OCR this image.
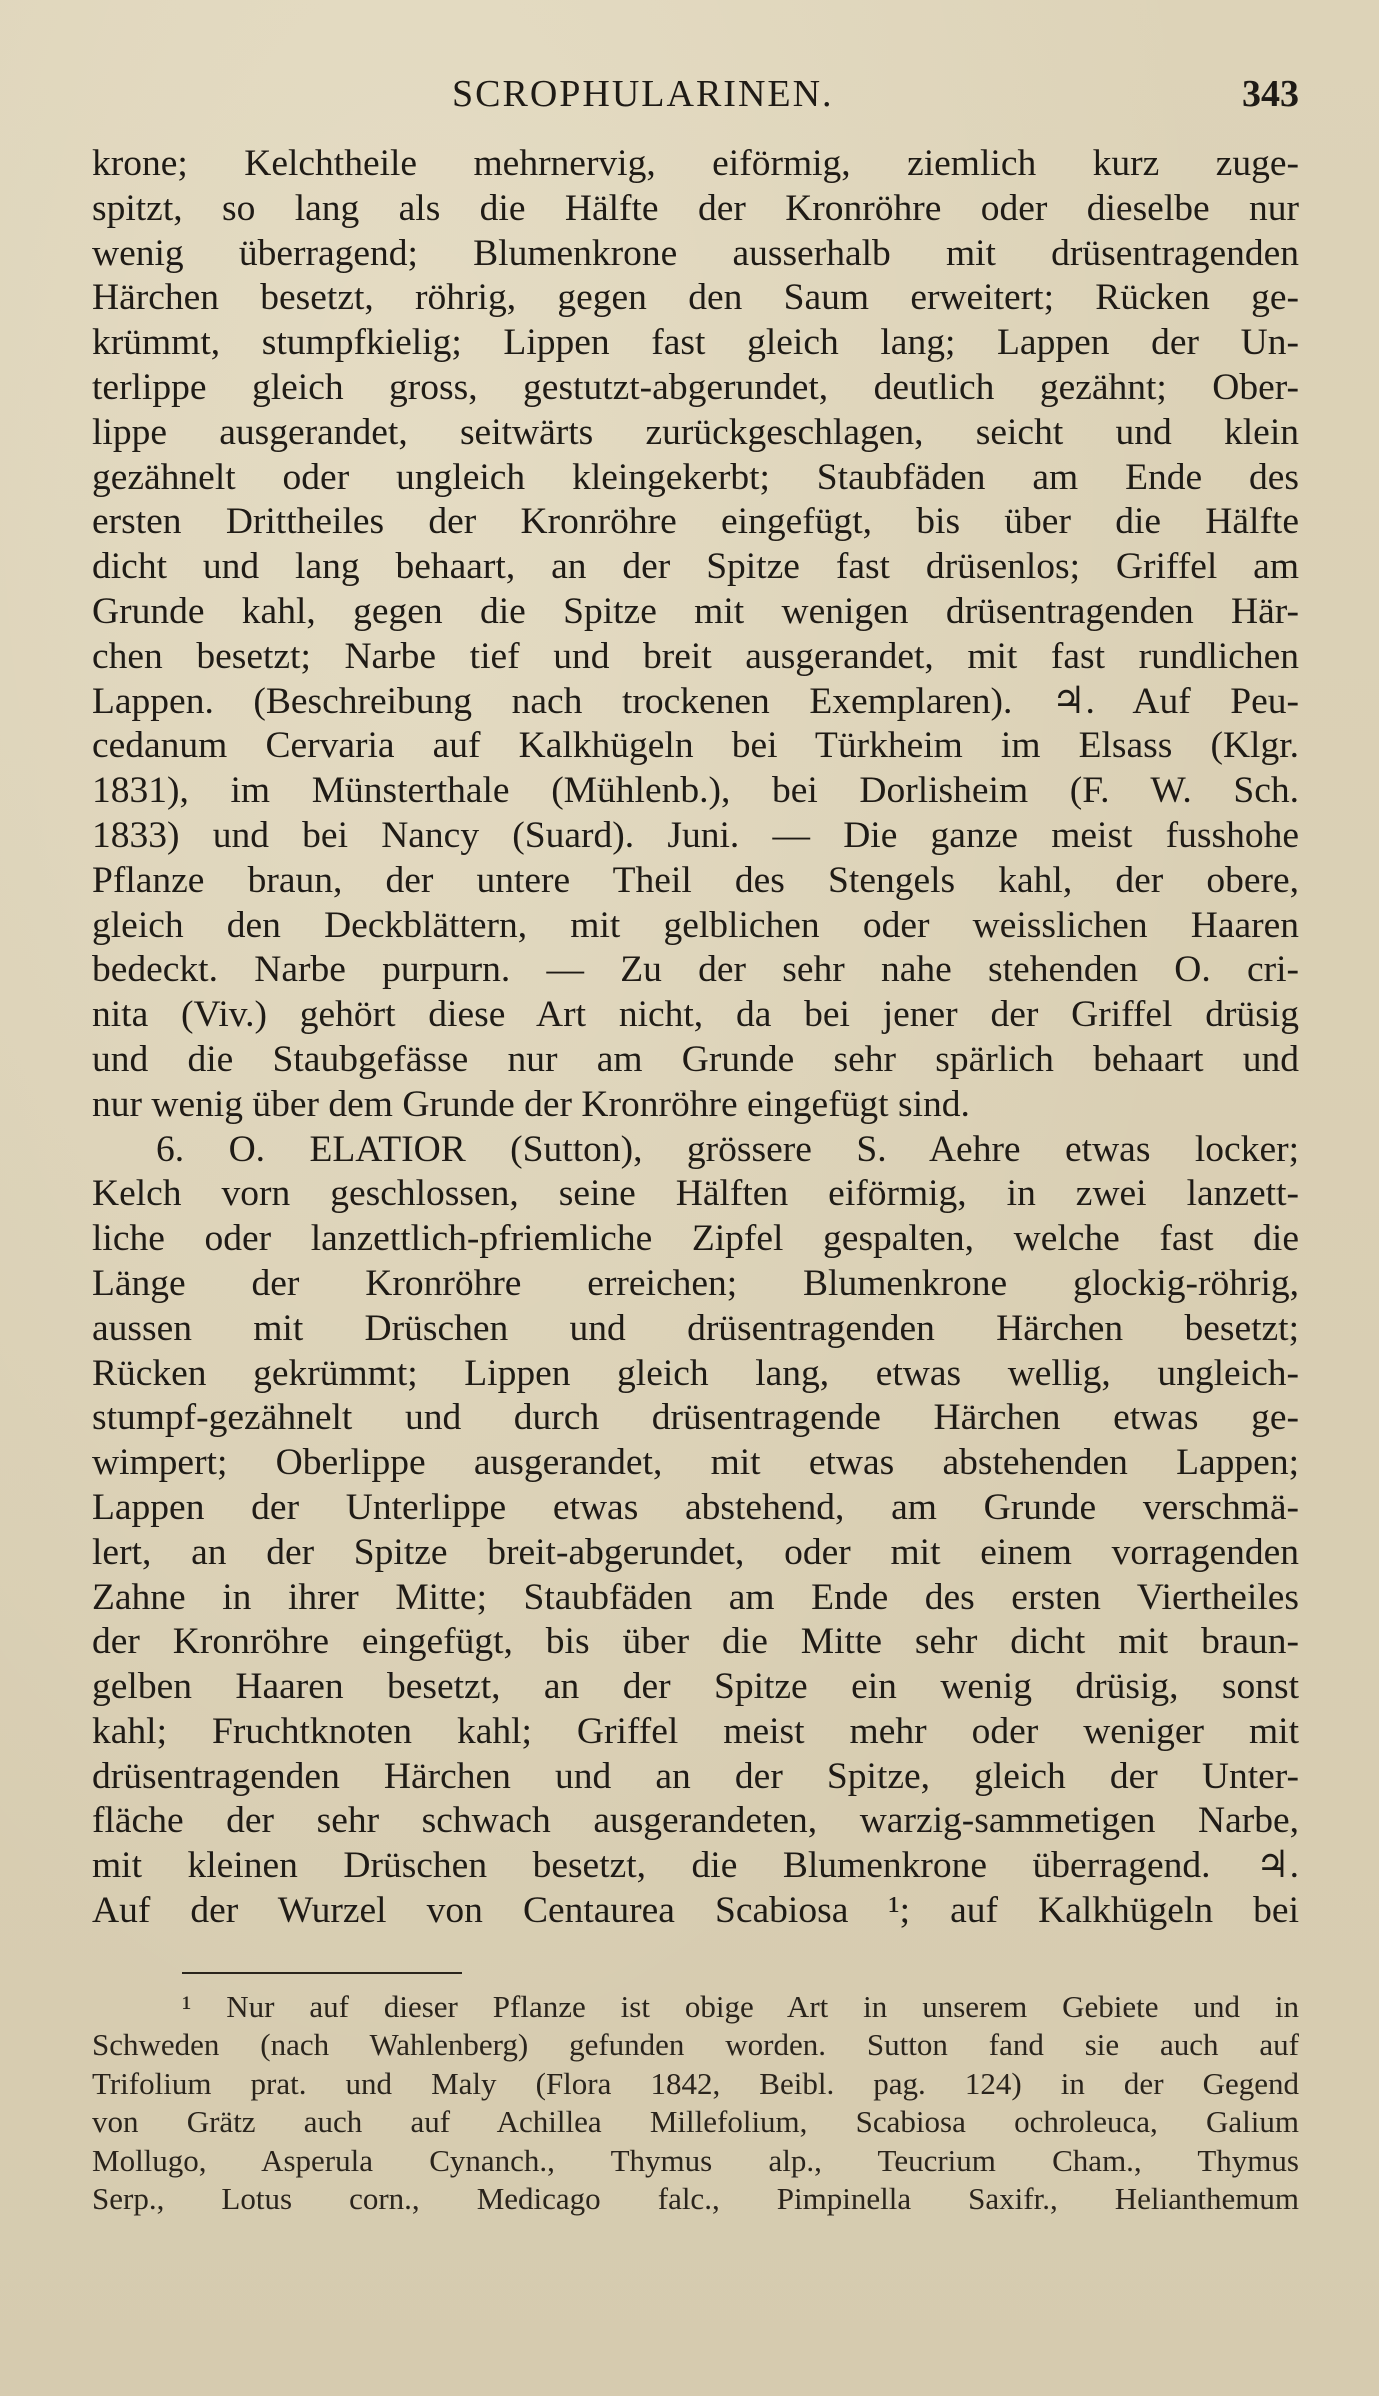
SCROPHULARINEN.	343
krone; Kelchtheile mehrnervig, eiförmig, ziemlich kurz zuge-
spitzt, so lang als die Hälfte der Kronröhre oder dieselbe nur
wenig überragend; Blumenkrone ausserhalb mit drüsentragenden
Härchen besetzt, röhrig, gegen den Saum erweitert; Rücken ge-
krümmt, stumpfkielig; Lippen fast gleich lang; Lappen der Un-
terlippe gleich gross, gestutzt-abgerundet, deutlich gezähnt; Ober-
lippe ausgerandet, seitwärts zurückgeschlagen, seicht und klein
gezähnelt oder ungleich kleingekerbt; Staubfäden am Ende des
ersten Drittheiles der Kronröhre eingefügt, bis über die Hälfte
dicht und lang behaart, an der Spitze fast drüsenlos; Griffel am
Grunde kahl, gegen die Spitze mit wenigen drüsentragenden Här-
chen besetzt; Narbe tief und breit ausgerandet, mit fast rundlichen
Lappen. (Beschreibung nach trockenen Exemplaren). ♃. Auf Peu-
cedanum Cervaria auf Kalkhügeln bei Türkheim im Elsass (Klgr.
1831), im Münsterthale (Mühlenb.), bei Dorlisheim (F. W. Sch.
1833) und bei Nancy (Suard). Juni. — Die ganze meist fusshohe
Pflanze braun, der untere Theil des Stengels kahl, der obere,
gleich den Deckblättern, mit gelblichen oder weisslichen Haaren
bedeckt. Narbe purpurn. — Zu der sehr nahe stehenden O. cri-
nita (Viv.) gehört diese Art nicht, da bei jener der Griffel drüsig
und die Staubgefässe nur am Grunde sehr spärlich behaart und
nur wenig über dem Grunde der Kronröhre eingefügt sind.
6. O. ELATIOR (Sutton), grössere S. Aehre etwas locker;
Kelch vorn geschlossen, seine Hälften eiförmig, in zwei lanzett-
liche oder lanzettlich-pfriemliche Zipfel gespalten, welche fast die
Länge der Kronröhre erreichen; Blumenkrone glockig-röhrig,
aussen mit Drüschen und drüsentragenden Härchen besetzt;
Rücken gekrümmt; Lippen gleich lang, etwas wellig, ungleich-
stumpf-gezähnelt und durch drüsentragende Härchen etwas ge-
wimpert; Oberlippe ausgerandet, mit etwas abstehenden Lappen;
Lappen der Unterlippe etwas abstehend, am Grunde verschmä-
lert, an der Spitze breit-abgerundet, oder mit einem vorragenden
Zahne in ihrer Mitte; Staubfäden am Ende des ersten Viertheiles
der Kronröhre eingefügt, bis über die Mitte sehr dicht mit braun-
gelben Haaren besetzt, an der Spitze ein wenig drüsig, sonst
kahl; Fruchtknoten kahl; Griffel meist mehr oder weniger mit
drüsentragenden Härchen und an der Spitze, gleich der Unter-
fläche der sehr schwach ausgerandeten, warzig-sammetigen Narbe,
mit kleinen Drüschen besetzt, die Blumenkrone überragend. ♃.
Auf der Wurzel von Centaurea Scabiosa ¹; auf Kalkhügeln bei
¹ Nur auf dieser Pflanze ist obige Art in unserem Gebiete und in
Schweden (nach Wahlenberg) gefunden worden. Sutton fand sie auch auf
Trifolium prat. und Maly (Flora 1842, Beibl. pag. 124) in der Gegend
von Grätz auch auf Achillea Millefolium, Scabiosa ochroleuca, Galium
Mollugo, Asperula Cynanch., Thymus alp., Teucrium Cham., Thymus
Serp., Lotus corn., Medicago falc., Pimpinella Saxifr., Helianthemum
